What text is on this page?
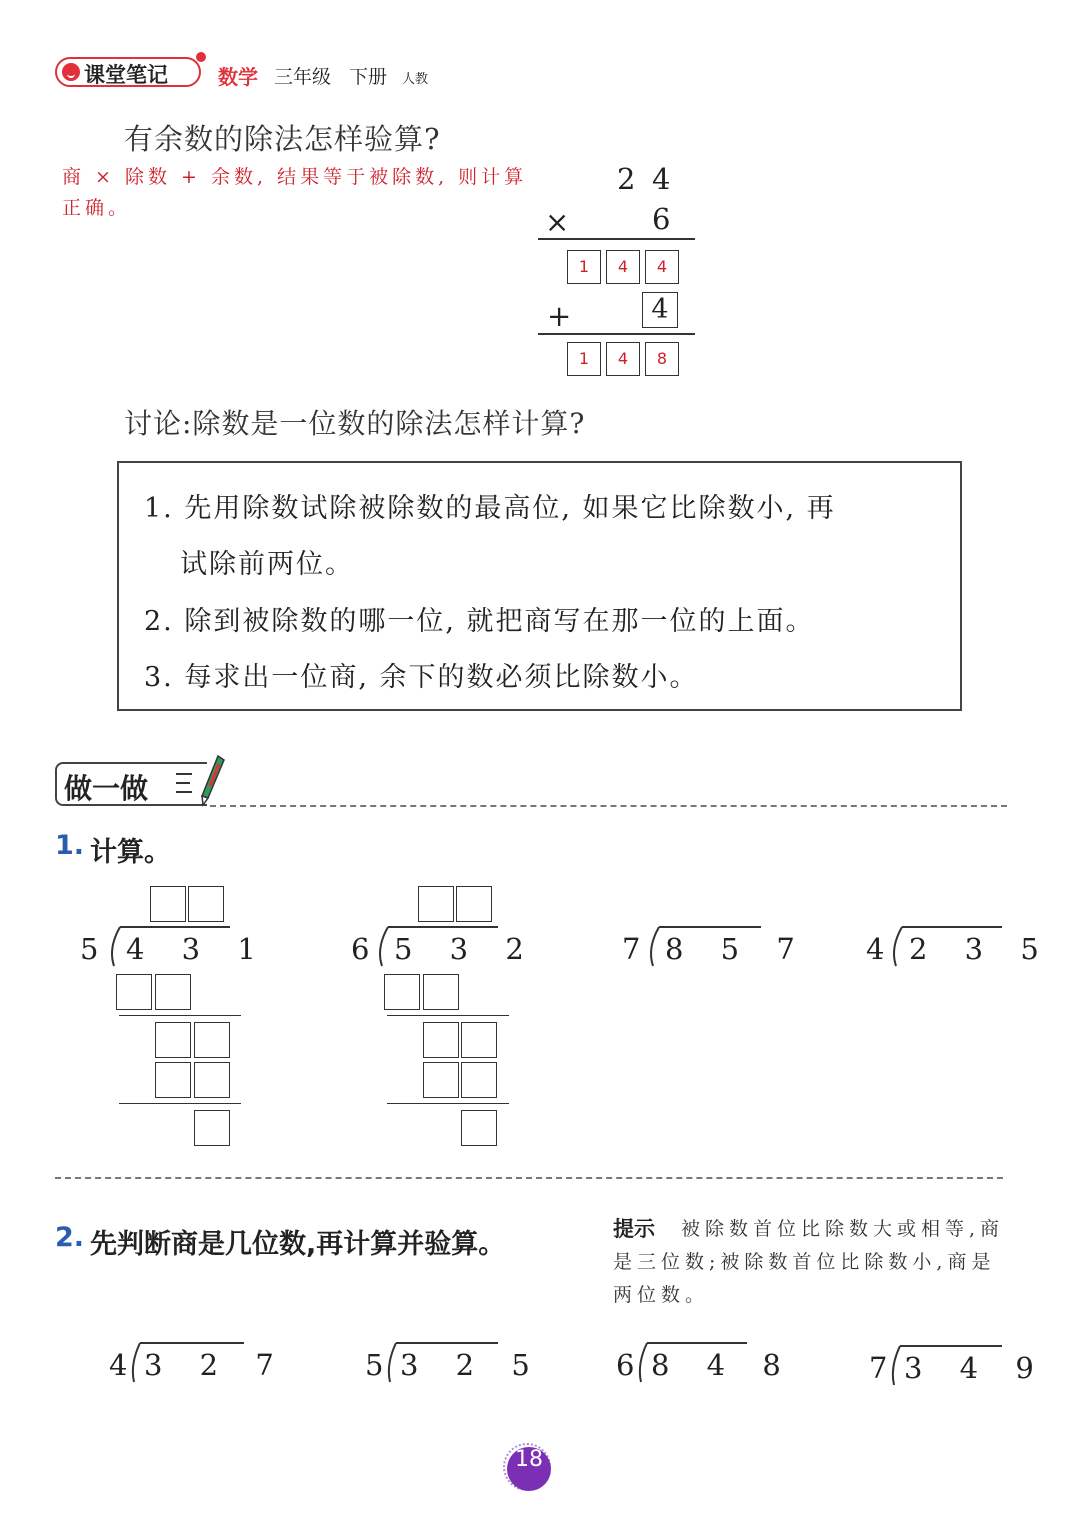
课堂笔记	数学 三年级 下册 人教
有余数的除法怎样验算?
商 × 除数 + 余数, 结果等于被除数, 则计算正确。
2 4
×	6
1	4	4
+	4
1	4	8
讨论:除数是一位数的除法怎样计算?
1. 先用除数试除被除数的最高位, 如果它比除数小, 再
试除前两位。
2. 除到被除数的哪一位, 就把商写在那一位的上面。
3. 每求出一位商, 余下的数必须比除数小。
做一做
1. 计算。
5 4 3 1	6 5 3 2	7 8 5 7 4 2 3 5
2. 先判断商是几位数,再计算并验算。	被除数首位比除数大或相等,商是三位数;被除数首位比除数小,商是两位数。
提示
4 3 2 7	5 3 2 5 6 8 4 8	7 3 4 9
18
